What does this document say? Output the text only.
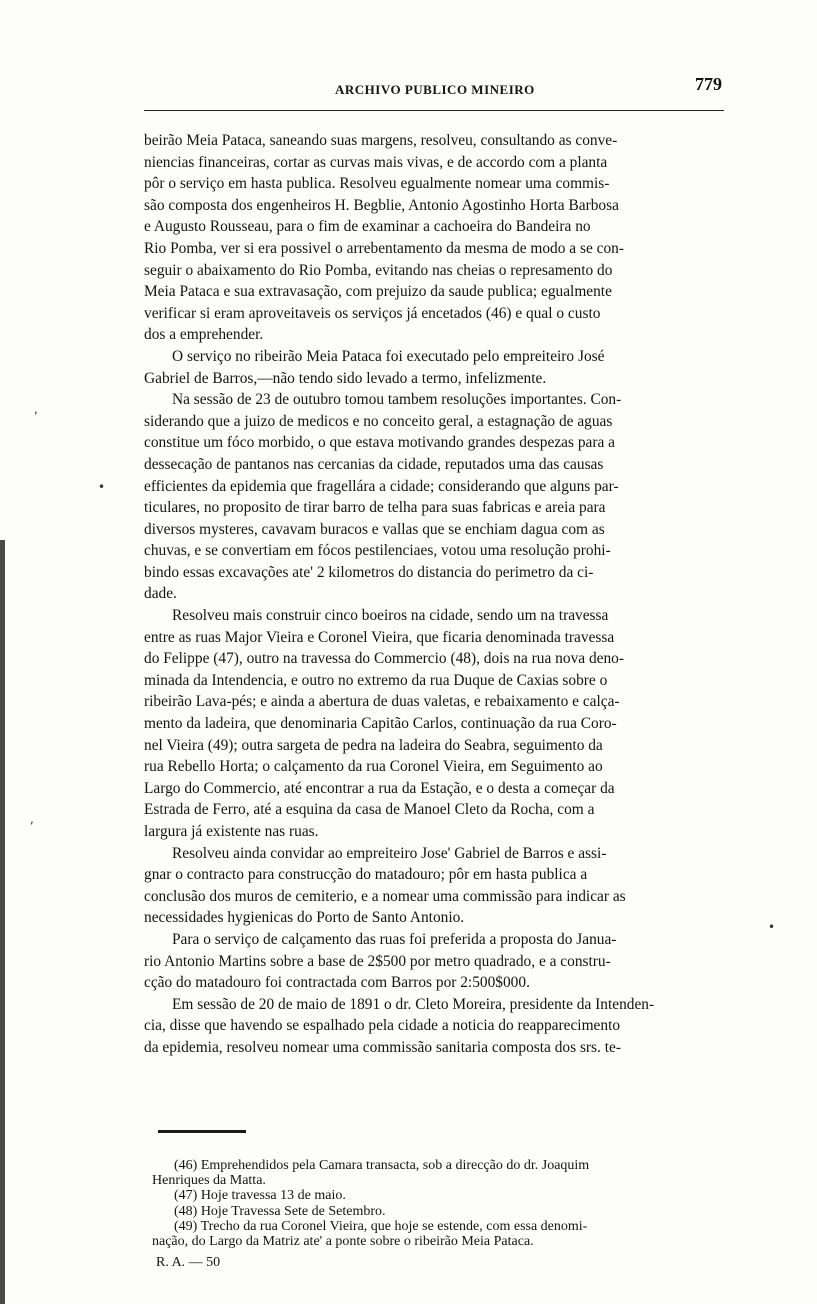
ARCHIVO PUBLICO MINEIRO	779
beirão Meia Pataca, saneando suas margens, resolveu, consultando as conve-
niencias financeiras, cortar as curvas mais vivas, e de accordo com a planta
pôr o serviço em hasta publica. Resolveu egualmente nomear uma commis-
são composta dos engenheiros H. Begblie, Antonio Agostinho Horta Barbosa
e Augusto Rousseau, para o fim de examinar a cachoeira do Bandeira no
Rio Pomba, ver si era possivel o arrebentamento da mesma de modo a se con-
seguir o abaixamento do Rio Pomba, evitando nas cheias o represamento do
Meia Pataca e sua extravasação, com prejuizo da saude publica; egualmente
verificar si eram aproveitaveis os serviços já encetados (46) e qual o custo
dos a emprehender.
O serviço no ribeirão Meia Pataca foi executado pelo empreiteiro José
Gabriel de Barros,—não tendo sido levado a termo, infelizmente.
Na sessão de 23 de outubro tomou tambem resoluções importantes. Con-
siderando que a juizo de medicos e no conceito geral, a estagnação de aguas
constitue um fóco morbido, o que estava motivando grandes despezas para a
dessecação de pantanos nas cercanias da cidade, reputados uma das causas
efficientes da epidemia que fragellára a cidade; considerando que alguns par-
ticulares, no proposito de tirar barro de telha para suas fabricas e areia para
diversos mysteres, cavavam buracos e vallas que se enchiam dagua com as
chuvas, e se convertiam em fócos pestilenciaes, votou uma resolução prohi-
bindo essas excavações ate' 2 kilometros do distancia do perimetro da ci-
dade.
Resolveu mais construir cinco boeiros na cidade, sendo um na travessa
entre as ruas Major Vieira e Coronel Vieira, que ficaria denominada travessa
do Felippe (47), outro na travessa do Commercio (48), dois na rua nova deno-
minada da Intendencia, e outro no extremo da rua Duque de Caxias sobre o
ribeirão Lava-pés; e ainda a abertura de duas valetas, e rebaixamento e calça-
mento da ladeira, que denominaria Capitão Carlos, continuação da rua Coro-
nel Vieira (49); outra sargeta de pedra na ladeira do Seabra, seguimento da
rua Rebello Horta; o calçamento da rua Coronel Vieira, em Seguimento ao
Largo do Commercio, até encontrar a rua da Estação, e o desta a começar da
Estrada de Ferro, até a esquina da casa de Manoel Cleto da Rocha, com a
largura já existente nas ruas.
Resolveu ainda convidar ao empreiteiro Jose' Gabriel de Barros e assi-
gnar o contracto para construcção do matadouro; pôr em hasta publica a
conclusão dos muros de cemiterio, e a nomear uma commissão para indicar as
necessidades hygienicas do Porto de Santo Antonio.
Para o serviço de calçamento das ruas foi preferida a proposta do Janua-
rio Antonio Martins sobre a base de 2$500 por metro quadrado, e a constru-
cção do matadouro foi contractada com Barros por 2:500$000.
Em sessão de 20 de maio de 1891 o dr. Cleto Moreira, presidente da Intenden-
cia, disse que havendo se espalhado pela cidade a noticia do reapparecimento
da epidemia, resolveu nomear uma commissão sanitaria composta dos srs. te-
(46) Emprehendidos pela Camara transacta, sob a direcção do dr. Joaquim
Henriques da Matta.
(47) Hoje travessa 13 de maio.
(48) Hoje Travessa Sete de Setembro.
(49) Trecho da rua Coronel Vieira, que hoje se estende, com essa denomi-
nação, do Largo da Matriz ate' a ponte sobre o ribeirão Meia Pataca.
R. A. — 50
,
•
,
•
